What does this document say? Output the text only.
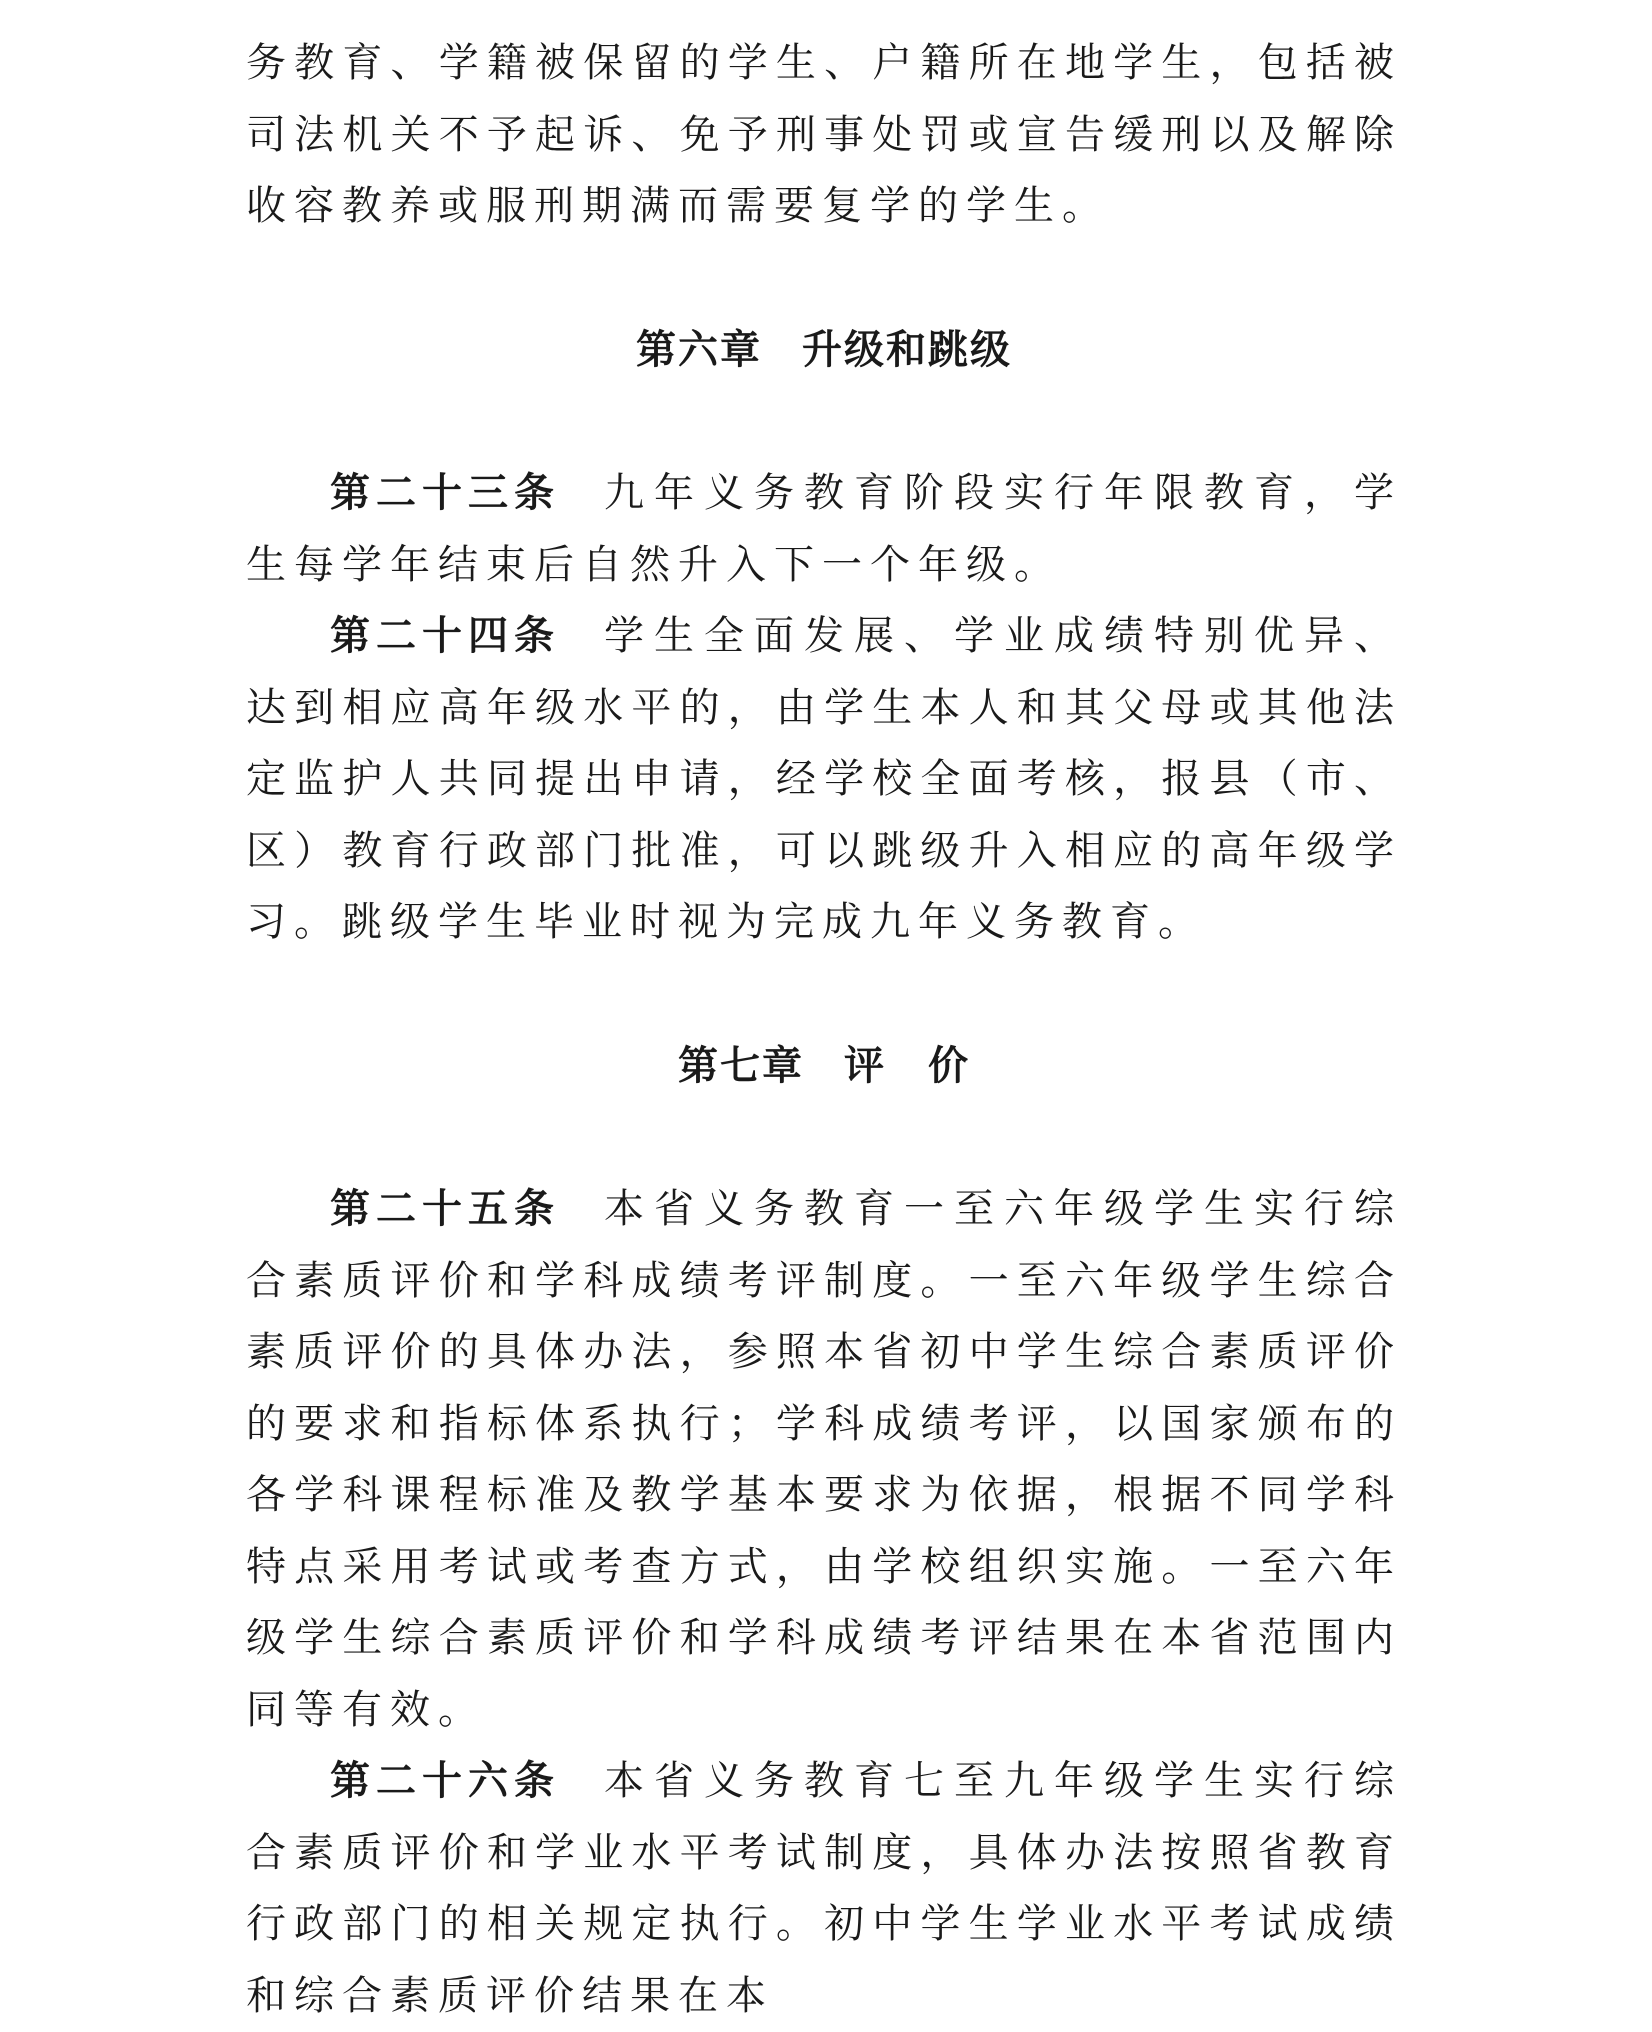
务教育、学籍被保留的学生、户籍所在地学生，包括被司法机关不予起诉、免予刑事处罚或宣告缓刑以及解除收容教养或服刑期满而需要复学的学生。

第六章 升级和跳级

第二十三条 九年义务教育阶段实行年限教育，学生每学年结束后自然升入下一个年级。

第二十四条 学生全面发展、学业成绩特别优异、达到相应高年级水平的，由学生本人和其父母或其他法定监护人共同提出申请，经学校全面考核，报县（市、区）教育行政部门批准，可以跳级升入相应的高年级学习。跳级学生毕业时视为完成九年义务教育。

第七章 评　价

第二十五条 本省义务教育一至六年级学生实行综合素质评价和学科成绩考评制度。一至六年级学生综合素质评价的具体办法，参照本省初中学生综合素质评价的要求和指标体系执行；学科成绩考评，以国家颁布的各学科课程标准及教学基本要求为依据，根据不同学科特点采用考试或考查方式，由学校组织实施。一至六年级学生综合素质评价和学科成绩考评结果在本省范围内同等有效。

第二十六条 本省义务教育七至九年级学生实行综合素质评价和学业水平考试制度，具体办法按照省教育行政部门的相关规定执行。初中学生学业水平考试成绩和综合素质评价结果在本
